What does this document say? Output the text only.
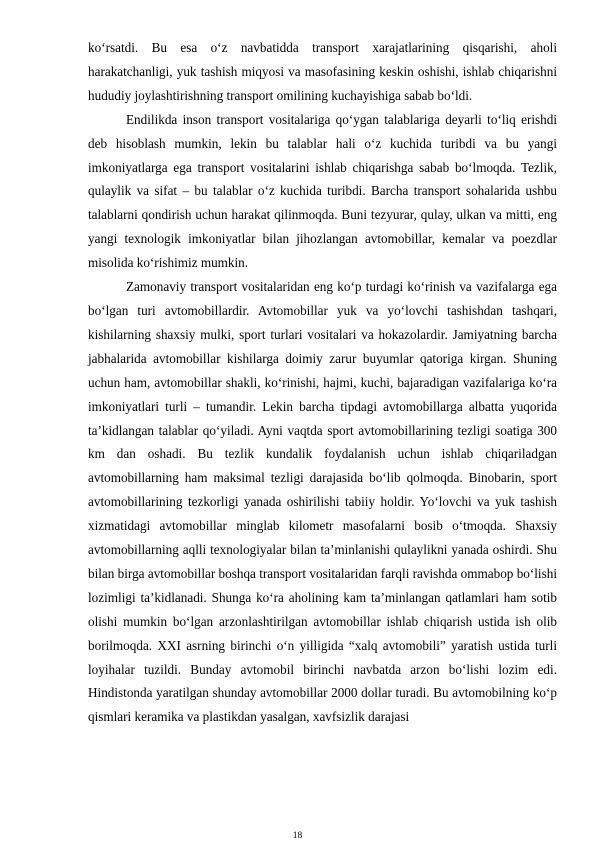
ko‘rsatdi. Bu esa o‘z navbatidda transport xarajatlarining qisqarishi, aholi harakatchanligi, yuk tashish miqyosi va masofasining keskin oshishi, ishlab chiqarishni hududiy joylashtirishning transport omilining kuchayishiga sabab bo‘ldi.

Endilikda inson transport vositalariga qo‘ygan talablariga deyarli to‘liq erishdi deb hisoblash mumkin, lekin bu talablar hali o‘z kuchida turibdi va bu yangi imkoniyatlarga ega transport vositalarini ishlab chiqarishga sabab bo‘lmoqda. Tezlik, qulaylik va sifat – bu talablar o‘z kuchida turibdi. Barcha transport sohalarida ushbu talablarni qondirish uchun harakat qilinmoqda. Buni tezyurar, qulay, ulkan va mitti, eng yangi texnologik imkoniyatlar bilan jihozlangan avtomobillar, kemalar va poezdlar misolida ko‘rishimiz mumkin.

Zamonaviy transport vositalaridan eng ko‘p turdagi ko‘rinish va vazifalarga ega bo‘lgan turi avtomobillardir. Avtomobillar yuk va yo‘lovchi tashishdan tashqari, kishilarning shaxsiy mulki, sport turlari vositalari va hokazolardir. Jamiyatning barcha jabhalarida avtomobillar kishilarga doimiy zarur buyumlar qatoriga kirgan. Shuning uchun ham, avtomobillar shakli, ko‘rinishi, hajmi, kuchi, bajaradigan vazifalariga ko‘ra imkoniyatlari turli – tumandir. Lekin barcha tipdagi avtomobillarga albatta yuqorida ta’kidlangan talablar qo‘yiladi. Ayni vaqtda sport avtomobillarining tezligi soatiga 300 km dan oshadi. Bu tezlik kundalik foydalanish uchun ishlab chiqariladgan avtomobillarning ham maksimal tezligi darajasida bo‘lib qolmoqda. Binobarin, sport avtomobillarining tezkorligi yanada oshirilishi tabiiy holdir. Yo‘lovchi va yuk tashish xizmatidagi avtomobillar minglab kilometr masofalarni bosib o‘tmoqda. Shaxsiy avtomobillarning aqlli texnologiyalar bilan ta’minlanishi qulaylikni yanada oshirdi. Shu bilan birga avtomobillar boshqa transport vositalaridan farqli ravishda ommabop bo‘lishi lozimligi ta’kidlanadi. Shunga ko‘ra aholining kam ta’minlangan qatlamlari ham sotib olishi mumkin bo‘lgan arzonlashtirilgan avtomobillar ishlab chiqarish ustida ish olib borilmoqda. XXI asrning birinchi o‘n yilligida “xalq avtomobili” yaratish ustida turli loyihalar tuzildi. Bunday avtomobil birinchi navbatda arzon bo‘lishi lozim edi. Hindistonda yaratilgan shunday avtomobillar 2000 dollar turadi. Bu avtomobilning ko‘p qismlari keramika va plastikdan yasalgan, xavfsizlik darajasi

18
